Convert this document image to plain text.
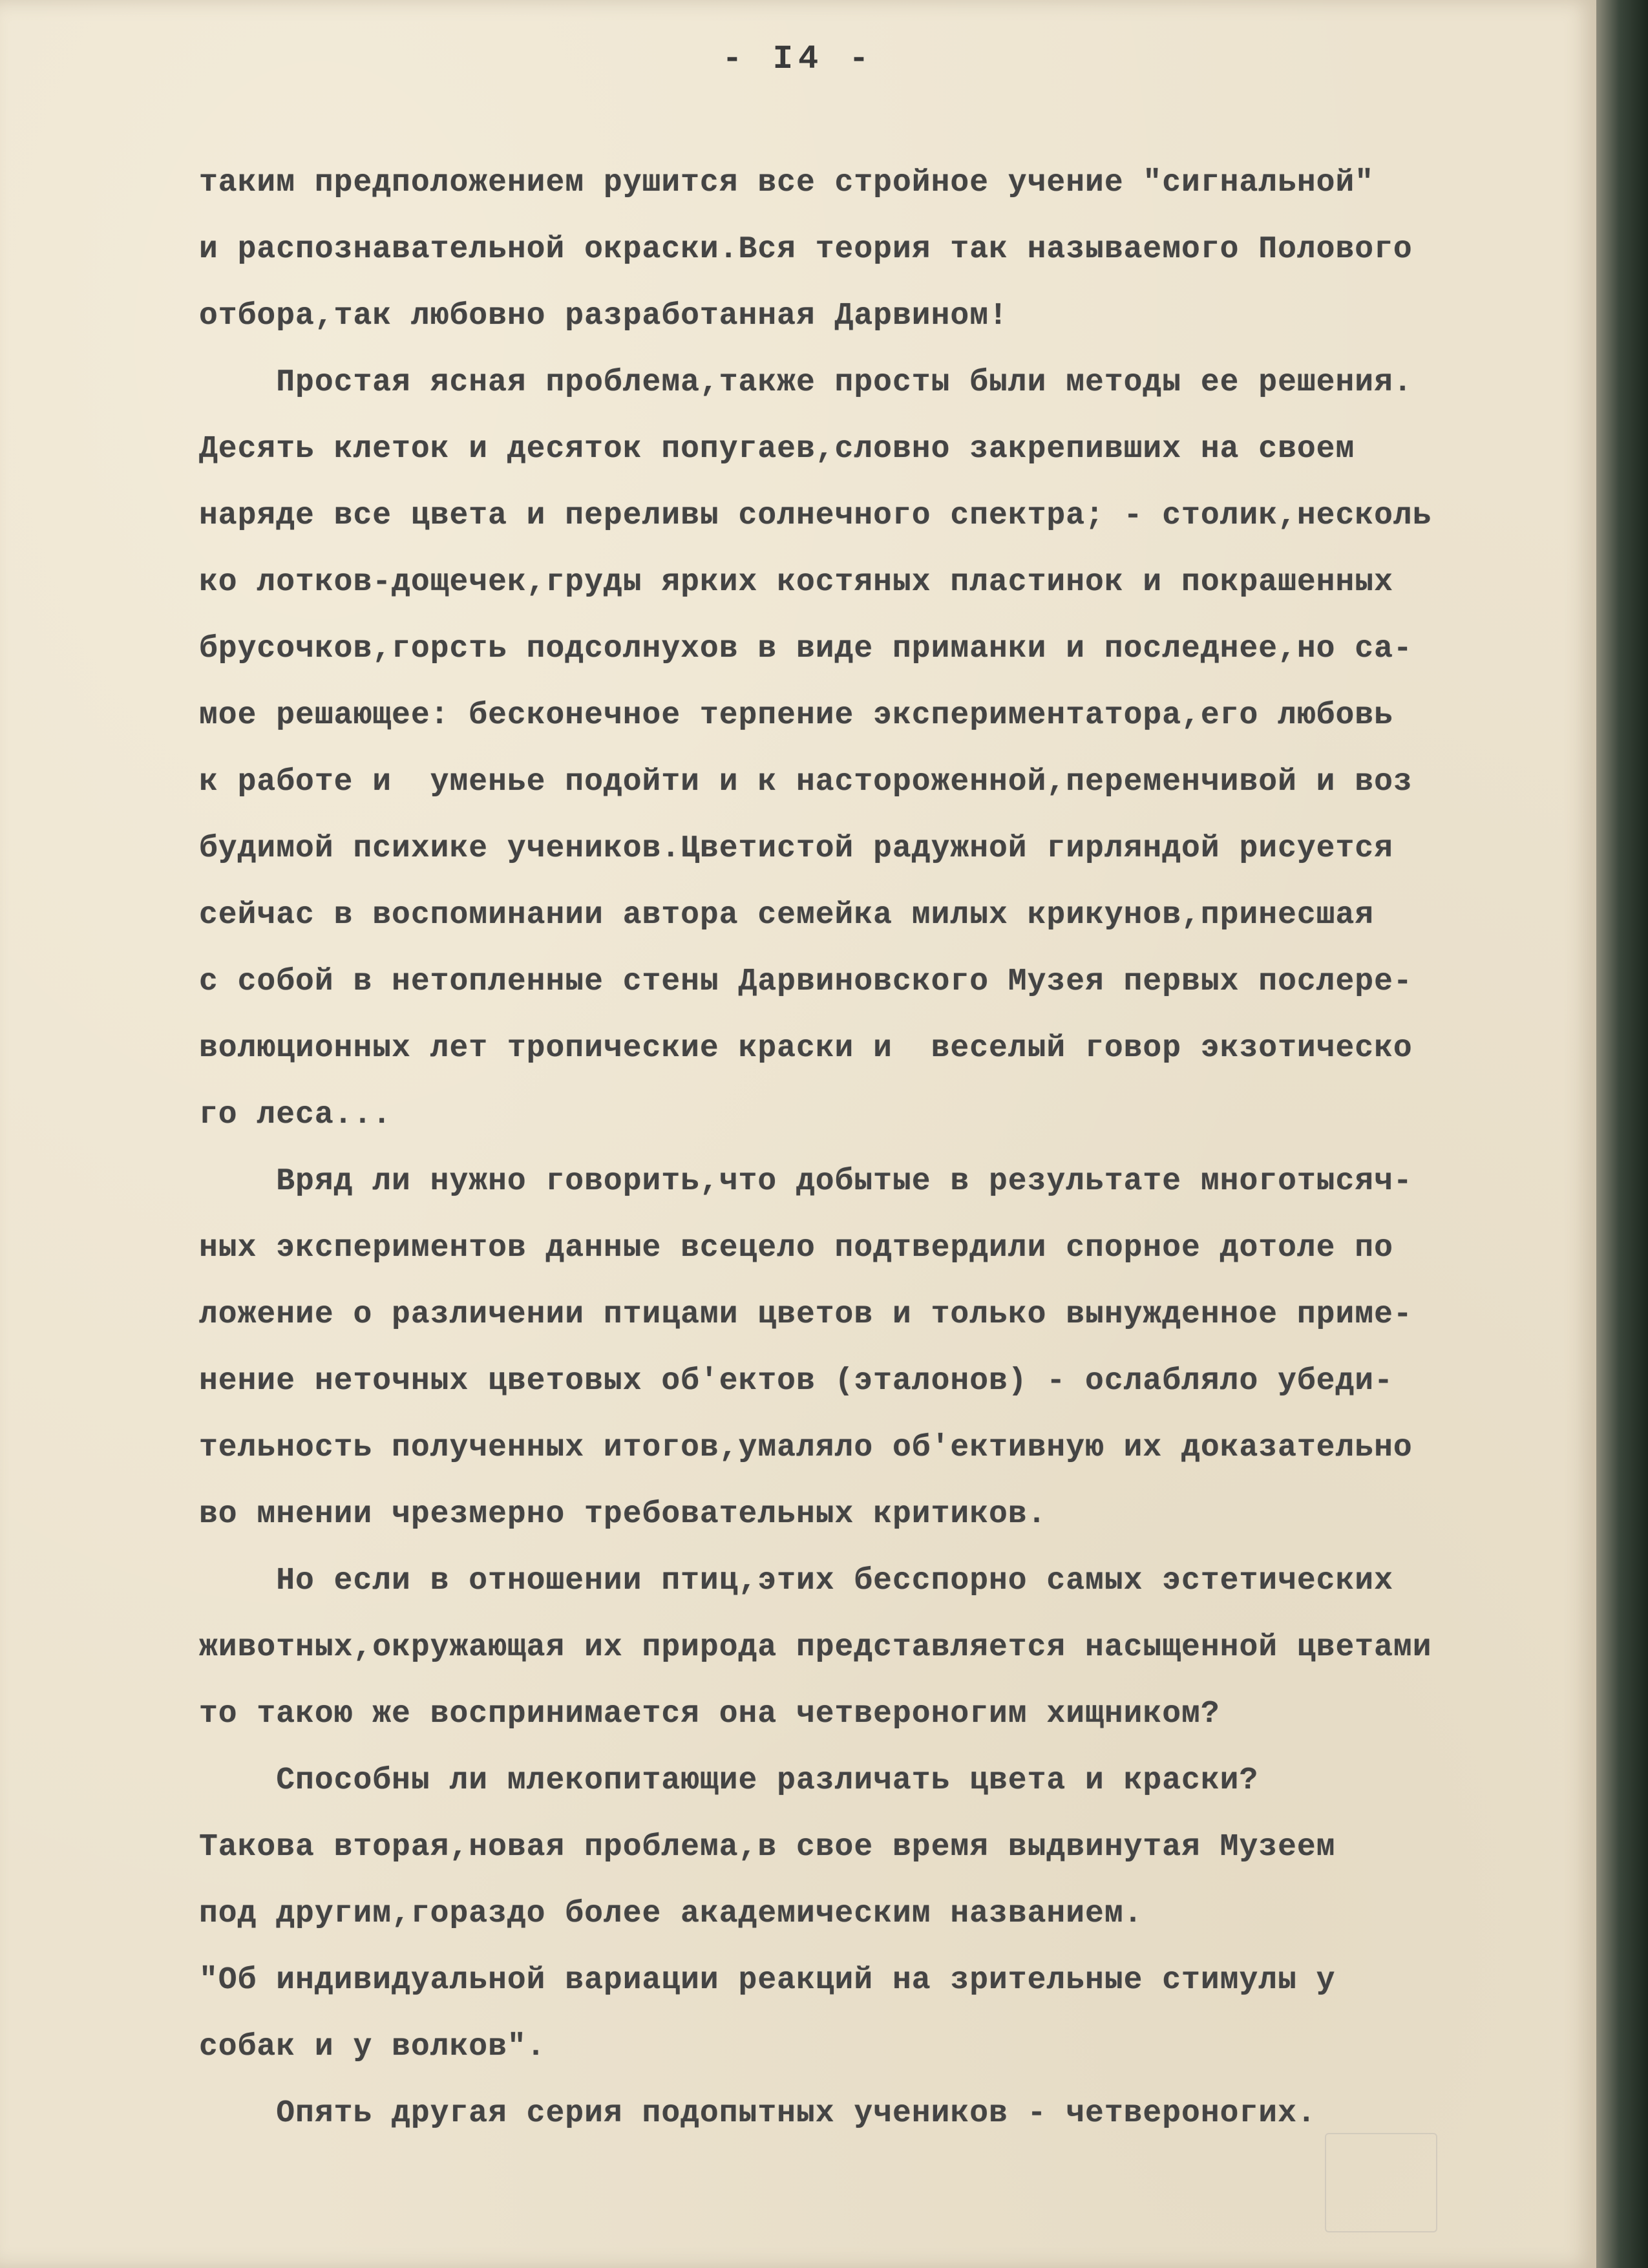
- I4 -
таким предположением рушится все стройное учение "сигнальной"
и распознавательной окраски.Вся теория так называемого Полового
отбора,так любовно разработанная Дарвином!
Простая ясная проблема,также просты были методы ее решения.
Десять клеток и десяток попугаев,словно закрепивших на своем
наряде все цвета и переливы солнечного спектра; - столик,несколь
ко лотков-дощечек,груды ярких костяных пластинок и покрашенных
брусочков,горсть подсолнухов в виде приманки и последнее,но са-
мое решающее: бесконечное терпение экспериментатора,его любовь
к работе и  уменье подойти и к настороженной,переменчивой и воз
будимой психике учеников.Цветистой радужной гирляндой рисуется
сейчас в воспоминании автора семейка милых крикунов,принесшая
с собой в нетопленные стены Дарвиновского Музея первых послере-
волюционных лет тропические краски и  веселый говор экзотическо
го леса...
Вряд ли нужно говорить,что добытые в результате многотысяч-
ных экспериментов данные всецело подтвердили спорное дотоле по
ложение о различении птицами цветов и только вынужденное приме-
нение неточных цветовых об'ектов (эталонов) - ослабляло убеди-
тельность полученных итогов,умаляло об'ективную их доказательно
во мнении чрезмерно требовательных критиков.
Но если в отношении птиц,этих бесспорно самых эстетических
животных,окружающая их природа представляется насыщенной цветами
то такою же воспринимается она четвероногим хищником?
Способны ли млекопитающие различать цвета и краски?
Такова вторая,новая проблема,в свое время выдвинутая Музеем
под другим,гораздо более академическим названием.
"Об индивидуальной вариации реакций на зрительные стимулы у
собак и у волков".
Опять другая серия подопытных учеников - четвероногих.
